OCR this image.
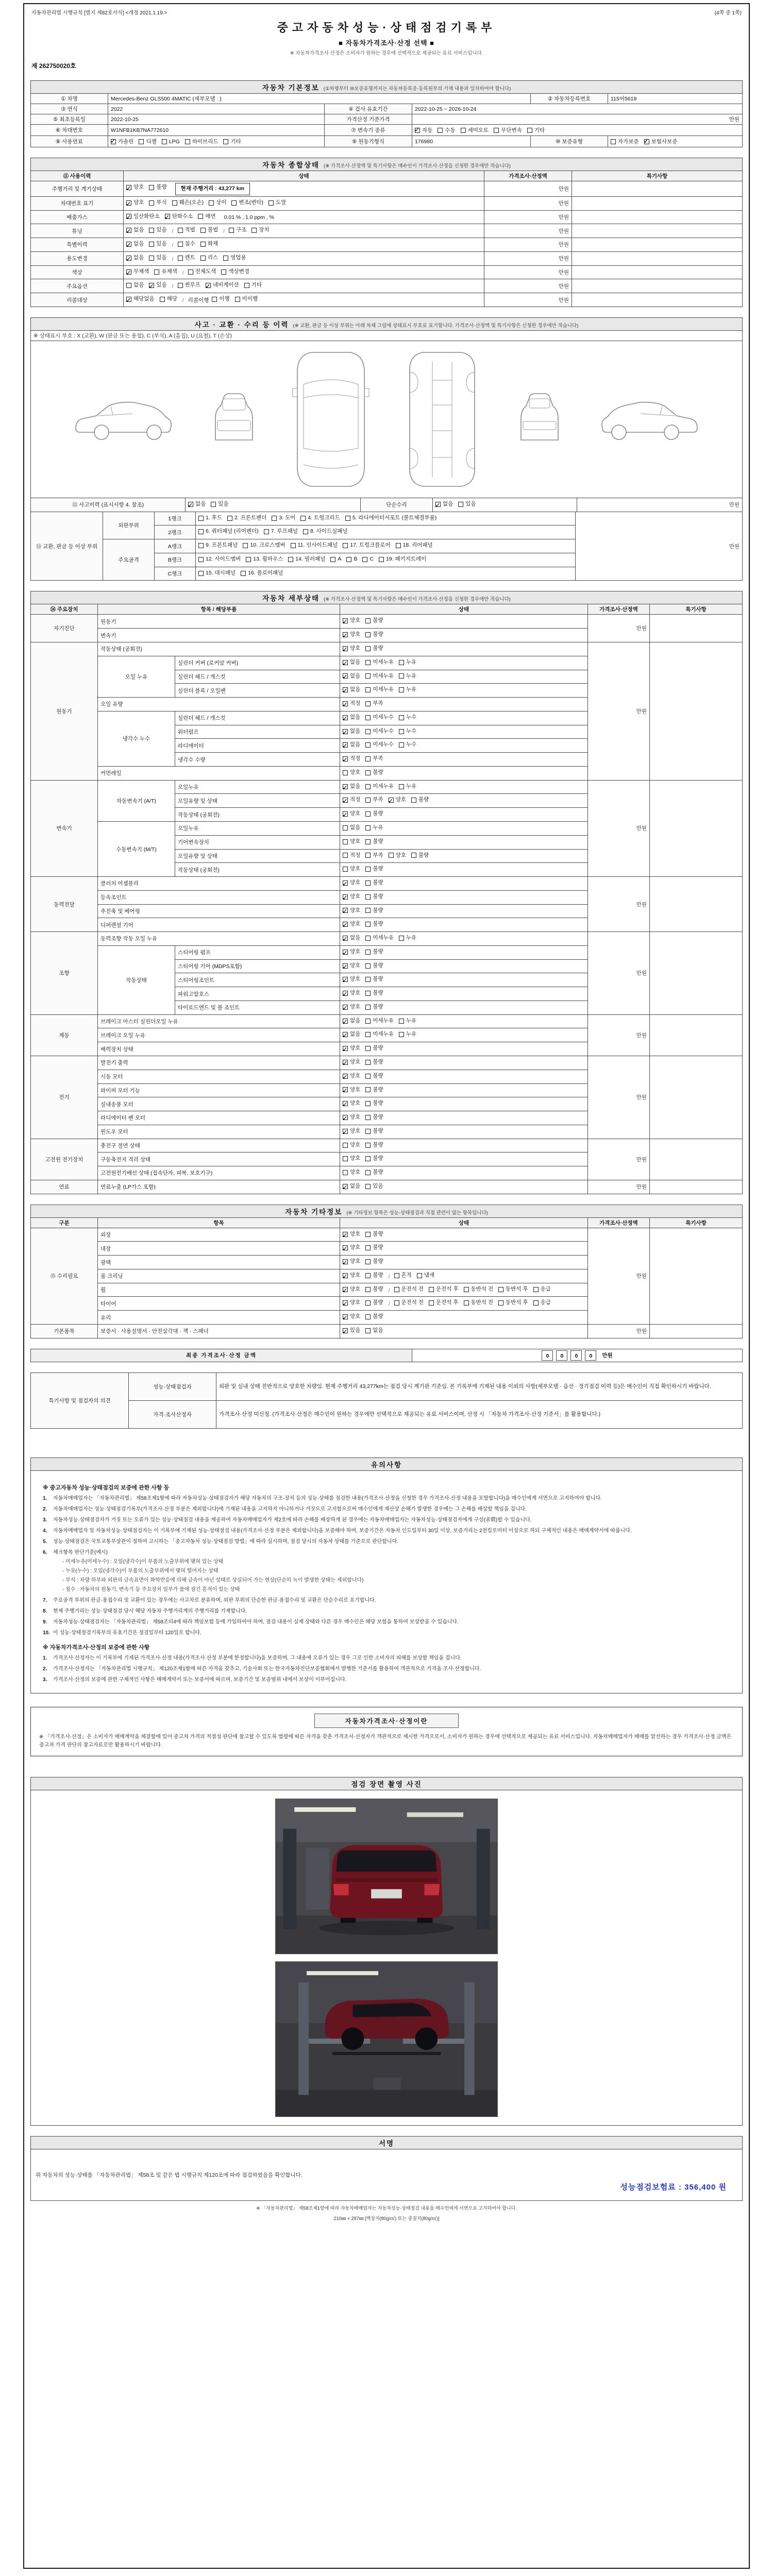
자동차관리법 시행규칙 [별지 제82호서식] <개정 2021.1.19.>	(4쪽 중 1쪽)
중고자동차성능·상태점검기록부
■ 자동차가격조사·산정 선택 ■
※ 자동차가격조사·산정은 소비자가 원하는 경우에 선택적으로 제공되는 유료 서비스입니다.
제 262750020호
자동차 기본정보 (①차명부터 ⑩보증유형까지는 자동차등록증·등록원부의 기재 내용과 일치하여야 합니다)					
① 차명	Mercedes-Benz GLS500 4MATIC (세부모델 : )			② 자동차등록번호	115어5619
③ 연식	2022	④ 검사 유효기간	2022-10-25 ~ 2026-10-24		
⑤ 최초등록일	2022-10-25	가격산정 기준가격	만원		
⑥ 차대번호	W1NFB1KB7NA772610	⑦ 변속기 종류	
✓자동 수동 세미오토 무단변속 기타

⑧ 사용연료	
✓가솔린 디젤 LPG 하이브리드 기타	⑨ 원동기형식	176980	⑩ 보증유형	자가보증 ✓ 보험사보증
자동차 종합상태 (※ 가격조사·산정액 및 특기사항은 매수인이 가격조사·산정을 신청한 경우에만 적습니다)			
⑪ 사용이력	상태	가격조사·산정액	특기사항
주행거리 및 계기상태	
✓양호 불량 현재 주행거리 : 43,277 km	만원	
차대번호 표기	
✓양호 부식 훼손(오손) 상이 변조(변타) 도말	만원	
배출가스	
✓일산화탄소 ✓ 탄화수소 매연 0.01 % , 1.0 ppm , %	만원	
튜닝	
✓없음 있음 /	적법 불법 /	구조 장치	만원	
특별이력	
✓없음 있음 / 침수 화재	만원	
용도변경	
✓없음 있음 / 렌트 리스 영업용	만원	
색상	
✓무채색 유채색 / 전체도색 색상변경	만원	
주요옵션	없음 ✓ 있음 / 썬루프 ✓ 네비게이션 기타	만원	
리콜대상	
✓해당없음 해당 / 리콜이행 이행 미이행	만원	
사고 · 교환 · 수리 등 이력 (※ 교환, 판금 등 이상 부위는 아래 차체 그림에 상태표시 부호로 표기합니다. 가격조사·산정액 및 특기사항은 신청한 경우에만 적습니다)
※ 상태표시 부호 : X (교환), W (판금 또는 용접), C (부식), A (흠집), U (요철), T (손상)

⑫ 사고이력 (표시사항 4. 참조)	
✓없음 있음	단순수리	
✓없음 있음	만원
⑬ 교환, 판금 등 이상 부위	외판부위	1랭크	1. 후드 2. 프론트펜더 3. 도어 4. 트렁크리드 5. 라디에이터서포트 (볼트체결부품)	만원
		2랭크	6. 쿼터패널 (리어펜더) 7. 루프패널 8. 사이드실패널	

	주요골격	A랭크	9. 프론트패널 10. 크로스멤버 11. 인사이드패널 17. 트렁크플로어 18. 리어패널	

B랭크	12. 사이드멤버 13. 휠하우스 14. 필러패널 A B C 19. 패키지트레이

		C랭크	15. 대시패널 16. 플로어패널	
자동차 세부상태 (※ 가격조사·산정액 및 특기사항은 매수인이 가격조사·산정을 신청한 경우에만 적습니다)					
⑭ 주요장치	항목 / 해당부품		상태	가격조사·산정액	특기사항
자기진단	원동기	
✓양호 불량	만원	
	변속기	
✓양호 불량

원동기	작동상태 (공회전)	
✓양호 불량	만원	
	오일 누유	실린더 커버 (로커암 커버)	
✓없음 미세누유 누유

		실린더 헤드 / 개스킷	
✓없음 미세누유 누유

		실린더 블록 / 오일팬	
✓없음 미세누유 누유

	오일 유량	
✓적정 부족

	냉각수 누수	실린더 헤드 / 개스킷	
✓없음 미세누수 누수

		워터펌프	
✓없음 미세누수 누수

		라디에이터	
✓없음 미세누수 누수

		냉각수 수량	
✓적정 부족

	커먼레일		양호 불량		

변속기	자동변속기 (A/T)	오일누유	
✓없음 미세누유 누유	만원	
		오일유량 및 상태	
✓적정 부족 ✓ 양호 불량

		작동상태 (공회전)	
✓양호 불량

	수동변속기 (M/T)	오일누유	없음 누유		

		기어변속장치	양호 불량		

		오일유량 및 상태	적정 부족 양호 불량		

		작동상태 (공회전)	양호 불량		

동력전달	클러치 어셈블리	
✓양호 불량	만원	
	등속조인트	
✓양호 불량

	추진축 및 베어링	
✓양호 불량

	디퍼렌셜 기어	
✓양호 불량

조향	동력조향 작동 오일 누유	
✓없음 미세누유 누유	만원	
	작동상태	스티어링 펌프	
✓양호 불량

		스티어링 기어 (MDPS포함)	
✓양호 불량

		스티어링조인트	
✓양호 불량

		파워고압호스	
✓양호 불량

		타이로드엔드 및 볼 조인트	
✓양호 불량

제동	브레이크 마스터 실린더오일 누유	
✓없음 미세누유 누유	만원	
	브레이크 오일 누유	
✓없음 미세누유 누유

	배력장치 상태	
✓양호 불량

전기	발전기 출력	
✓양호 불량	만원	
	시동 모터	
✓양호 불량

	와이퍼 모터 기능	
✓양호 불량

	실내송풍 모터	
✓양호 불량

	라디에이터 팬 모터	
✓양호 불량

	윈도우 모터	
✓양호 불량

고전원 전기장치	충전구 절연 상태		양호 불량	만원	
	구동축전지 격리 상태		양호 불량		

	고전원전기배선 상태 (접속단자, 피복, 보호기구)		양호 불량		

연료	연료누출 (LP가스 포함)	
✓없음 있음	만원	
자동차 기타정보 (※ 기타정보 항목은 성능·상태점검과 직접 관련이 없는 항목입니다)				
구분	항목	상태	가격조사·산정액	특기사항
⑮ 수리필요	외장	
✓양호 불량	만원	
	내장	
✓양호 불량

	광택	
✓양호 불량

	룸 크리닝	
✓양호 불량 / 흔적 냄새

휠	
✓양호 불량 /	운전석 전 운전석 후 동반석 전 동반석 후 응급

타이어	
✓양호 불량 /	운전석 전 운전석 후 동반석 전 동반석 후 응급

	유리	
✓양호 불량

기본품목	보증서 · 사용설명서 · 안전삼각대 · 잭 · 스패너	
✓있음 없음	만원	
최종 가격조사·산정 금액	0	0	0	0	만원
특기사항 및 점검자의 의견	성능·상태점검자	외판 및 실내 상태 전반적으로 양호한 차량임. 현재 주행거리 43,277km는 점검 당시 계기판 기준임. 본 기록부에 기재된 내용 이외의 사항(세부모델 · 옵션 · 정기점검 이력 등)은 매수인이 직접 확인하시기 바랍니다.
	가격·조사산정자	가격조사·산정 미신청. (가격조사·산정은 매수인이 원하는 경우에만 선택적으로 제공되는 유료 서비스이며, 산정 시 「자동차 가격조사·산정 기준서」를 활용합니다.)
유의사항

※ 중고자동차 성능·상태점검의 보증에 관한 사항 등
1.	자동차매매업자는 「자동차관리법」 제58조제1항에 따라 자동차성능·상태점검자가 해당 자동차의 구조·장치 등의 성능·상태를 점검한 내용(가격조사·산정을 신청한 경우 가격조사·산정 내용을 포함합니다)을 매수인에게 서면으로 고지하여야 합니다.
2.	자동차매매업자는 성능·상태점검기록부(가격조사·산정 부분은 제외합니다)에 기재된 내용을 고지하지 아니하거나 거짓으로 고지함으로써 매수인에게 재산상 손해가 발생한 경우에는 그 손해를 배상할 책임을 집니다.
3.	자동차성능·상태점검자가 거짓 또는 오류가 있는 성능·상태점검 내용을 제공하여 자동차매매업자가 제2호에 따라 손해를 배상하게 된 경우에는 자동차매매업자는 자동차성능·상태점검자에게 구상(求償)할 수 있습니다.
4.	자동차매매업자 및 자동차성능·상태점검자는 이 기록부에 기재된 성능·상태점검 내용(가격조사·산정 부분은 제외합니다)을 보증해야 하며, 보증기간은 자동차 인도일부터 30일 이상, 보증거리는 2천킬로미터 이상으로 하되 구체적인 내용은 매매계약서에 따릅니다.
5.	성능·상태점검은 국토교통부장관이 정하여 고시하는 「중고자동차 성능·상태점검 방법」에 따라 실시하며, 점검 당시의 자동차 상태를 기준으로 판단합니다.
6.	체크항목 판단기준(예시)
- 미세누유(미세누수) : 오일(냉각수)이 부품의 노출부위에 맺혀 있는 상태
- 누유(누수) : 오일(냉각수)이 부품의 노출부위에서 맺혀 떨어지는 상태
- 부식 : 차량 하부와 외판의 금속표면이 화학반응에 의해 금속이 아닌 상태로 상실되어 가는 현상(단순히 녹이 발생한 상태는 제외합니다)
- 침수 : 자동차의 원동기, 변속기 등 주요장치 일부가 물에 잠긴 흔적이 있는 상태
7.	주요골격 부위의 판금·용접수리 및 교환이 있는 경우에는 사고차로 분류하며, 외판 부위의 단순한 판금·용접수리 및 교환은 단순수리로 표기합니다.
8.	현재 주행거리는 성능·상태점검 당시 해당 자동차 주행거리계의 주행거리를 기재합니다.
9.	자동차성능·상태점검자는 「자동차관리법」 제58조의4에 따라 책임보험 등에 가입하여야 하며, 점검 내용이 실제 상태와 다른 경우 매수인은 해당 보험을 통하여 보상받을 수 있습니다.
10. 이 성능·상태점검기록부의 유효기간은 점검일부터 120일로 합니다.
※ 자동차가격조사·산정의 보증에 관한 사항
1.	가격조사·산정자는 이 기록부에 기재된 가격조사·산정 내용(가격조사·산정 부분에 한정합니다)을 보증하며, 그 내용에 오류가 있는 경우 그로 인한 소비자의 피해를 보상할 책임을 집니다.
2.	가격조사·산정자는 「자동차관리법 시행규칙」 제120조제1항에 따른 자격을 갖추고, 기술사회 또는 한국자동차진단보증협회에서 발행한 기준서를 활용하여 객관적으로 가격을 조사·산정합니다.
3.	가격조사·산정의 보증에 관한 구체적인 사항은 매매계약서 또는 보증서에 따르며, 보증기간 및 보증범위 내에서 보상이 이루어집니다.
자동차가격조사·산정이란
※ 「가격조사·산정」은 소비자가 매매계약을 체결함에 있어 중고차 가격의 적절성 판단에 참고할 수 있도록 법령에 따른 자격을 갖춘 가격조사·산정자가 객관적으로 제시한 가격으로서, 소비자가 원하는 경우에 선택적으로 제공되는 유료 서비스입니다. 자동차매매업자가 매매를 알선하는 경우 가격조사·산정 금액은 중고차 가격 판단의 참고자료로만 활용하시기 바랍니다.
점검 장면 촬영 사진

서명

위 자동차의 성능·상태를 「자동차관리법」 제58조 및 같은 법 시행규칙 제120조에 따라 점검하였음을 확인합니다.
성능점검보험료 : 356,400 원
※ 「자동차관리법」 제58조제1항에 따라 자동차매매업자는 자동차성능·상태점검 내용을 매수인에게 서면으로 고지하여야 합니다.
210㎜ × 297㎜ [백상지(80g/㎡) 또는 중질지(80g/㎡)]
